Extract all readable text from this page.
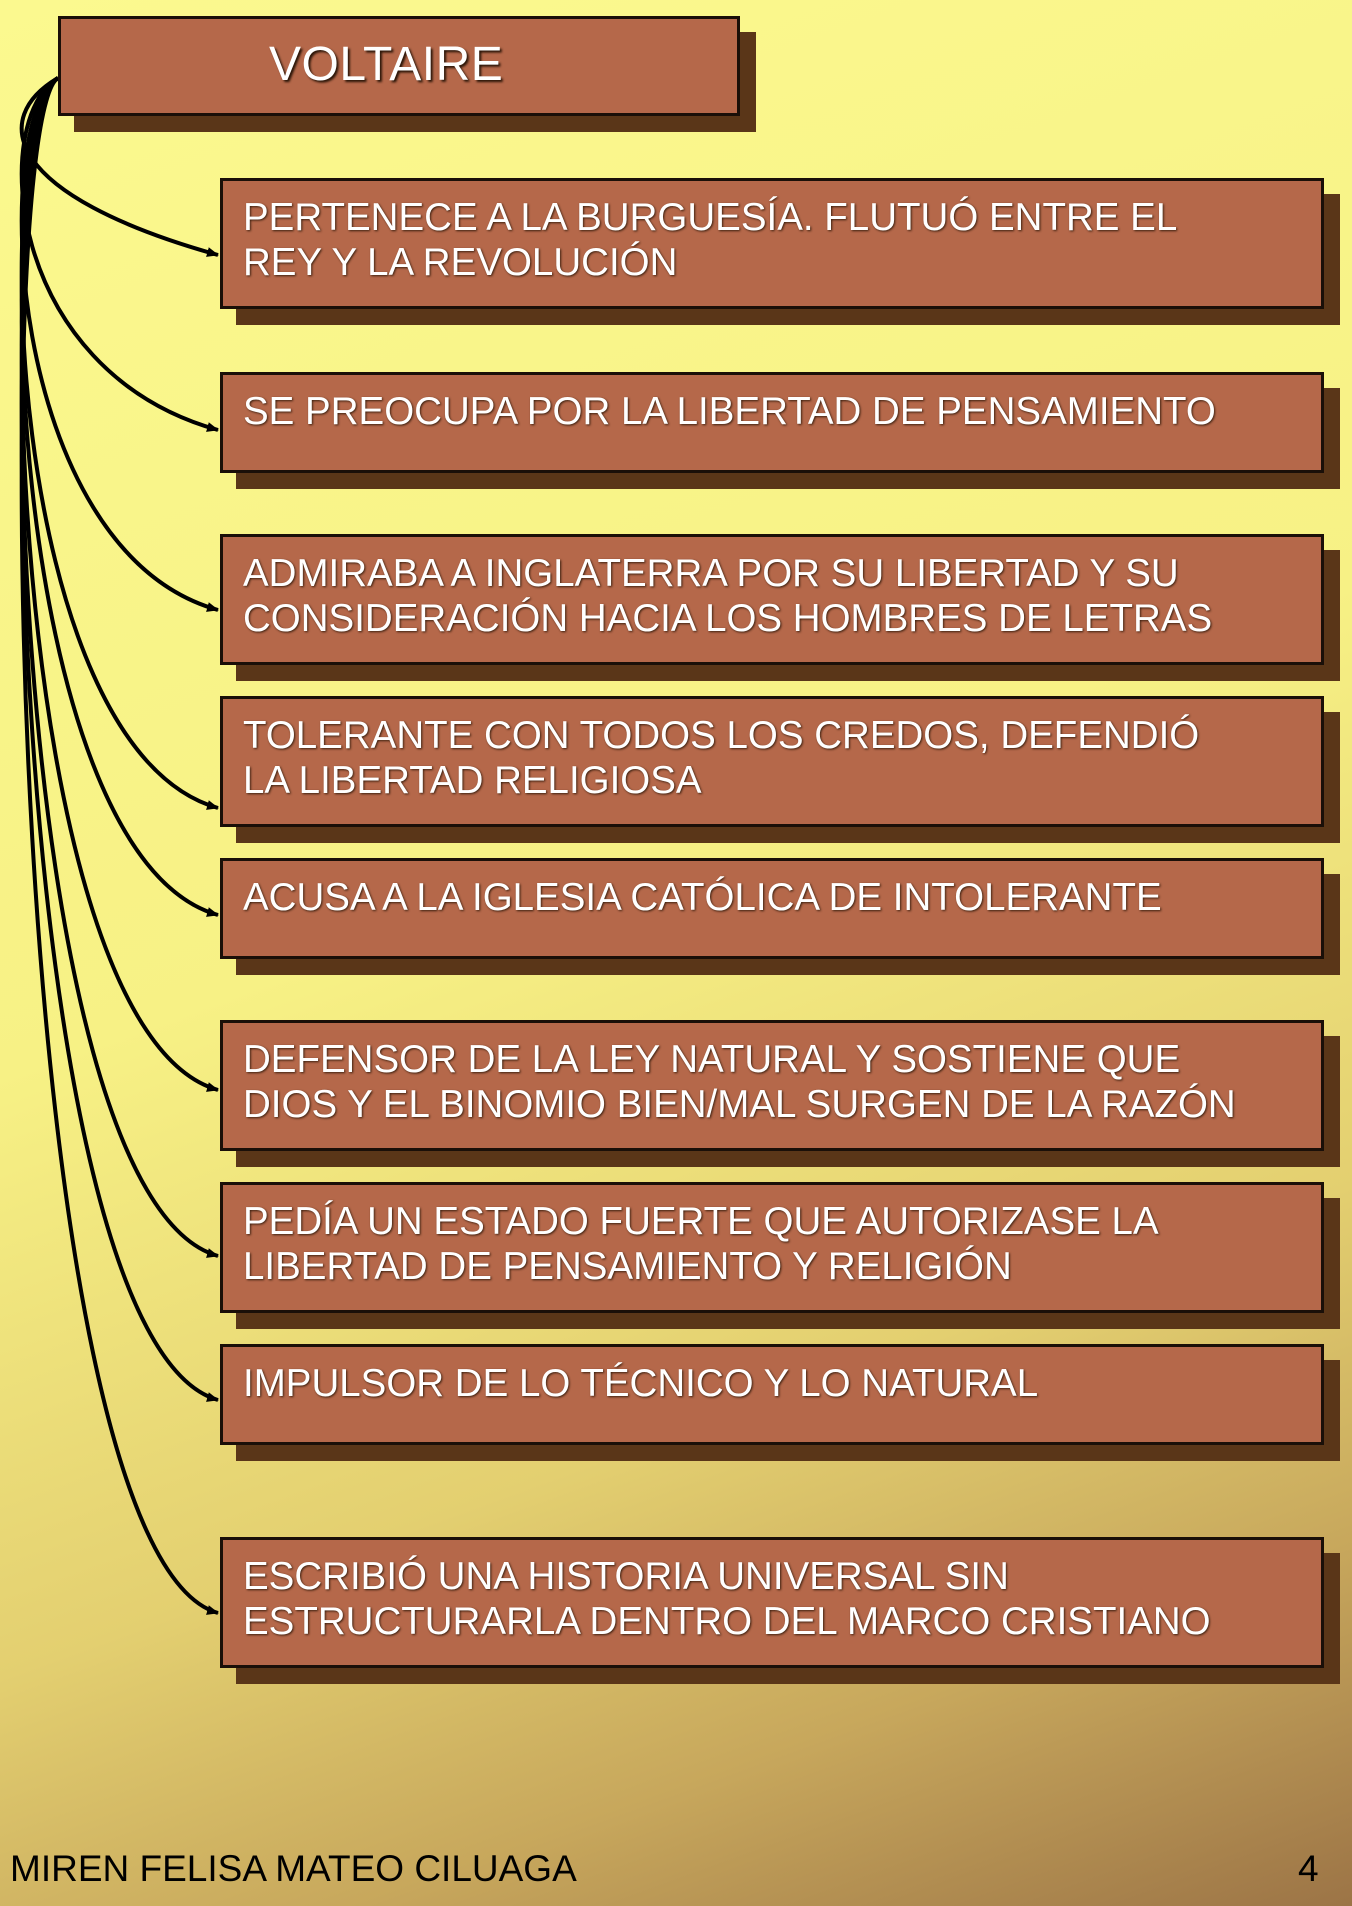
VOLTAIRE
PERTENECE A LA BURGUESÍA. FLUTUÓ ENTRE EL
REY Y LA REVOLUCIÓN
SE PREOCUPA POR LA LIBERTAD DE PENSAMIENTO
ADMIRABA A INGLATERRA POR SU LIBERTAD Y SU
CONSIDERACIÓN HACIA LOS HOMBRES DE LETRAS
TOLERANTE CON TODOS LOS CREDOS, DEFENDIÓ
LA LIBERTAD RELIGIOSA
ACUSA A LA IGLESIA CATÓLICA DE INTOLERANTE
DEFENSOR DE LA LEY NATURAL Y SOSTIENE QUE
DIOS Y EL BINOMIO BIEN/MAL SURGEN DE LA RAZÓN
PEDÍA UN ESTADO FUERTE QUE AUTORIZASE LA
LIBERTAD DE PENSAMIENTO Y RELIGIÓN
IMPULSOR DE LO TÉCNICO Y LO NATURAL
ESCRIBIÓ UNA HISTORIA UNIVERSAL SIN
ESTRUCTURARLA DENTRO DEL MARCO CRISTIANO
MIREN FELISA MATEO CILUAGA	4
